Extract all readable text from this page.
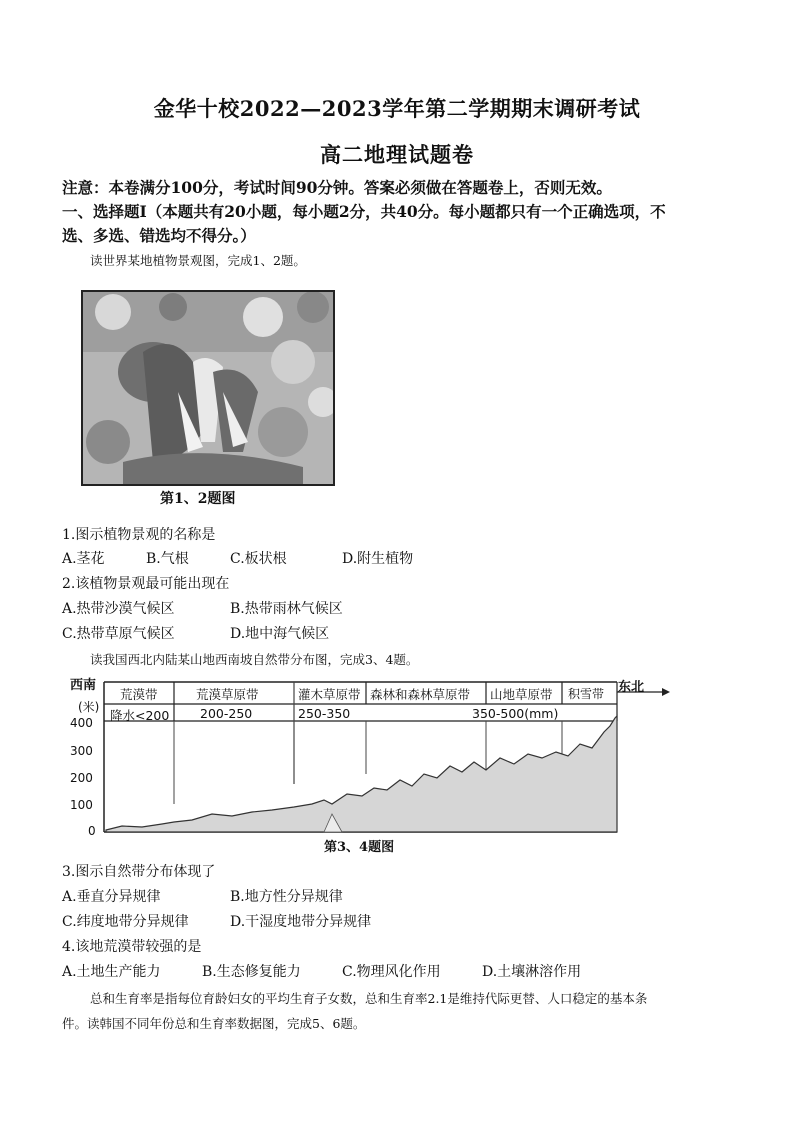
金华十校2022—2023学年第二学期期末调研考试
高二地理试题卷
注意：本卷满分100分，考试时间90分钟。答案必须做在答题卷上，否则无效。
一、选择题Ⅰ（本题共有20小题，每小题2分，共40分。每小题都只有一个正确选项，不
选、多选、错选均不得分。）
读世界某地植物景观图，完成1、2题。
第1、2题图
1.图示植物景观的名称是
A.茎花	B.气根	C.板状根	D.附生植物
2.该植物景观最可能出现在
A.热带沙漠气候区	B.热带雨林气候区
C.热带草原气候区	D.地中海气候区
读我国西北内陆某山地西南坡自然带分布图，完成3、4题。
西南	东北
(米)
400
300
200
100
0
荒漠带	荒漠草原带	灌木草原带 森林和森林草原带 山地草原带 积雪带
降水<200 200-250	250-350	350-500(mm)
第3、4题图
3.图示自然带分布体现了
A.垂直分异规律	B.地方性分异规律
C.纬度地带分异规律	D.干湿度地带分异规律
4.该地荒漠带较强的是
A.土地生产能力	B.生态修复能力	C.物理风化作用	D.土壤淋溶作用
总和生育率是指每位育龄妇女的平均生育子女数，总和生育率2.1是维持代际更替、人口稳定的基本条
件。读韩国不同年份总和生育率数据图，完成5、6题。
